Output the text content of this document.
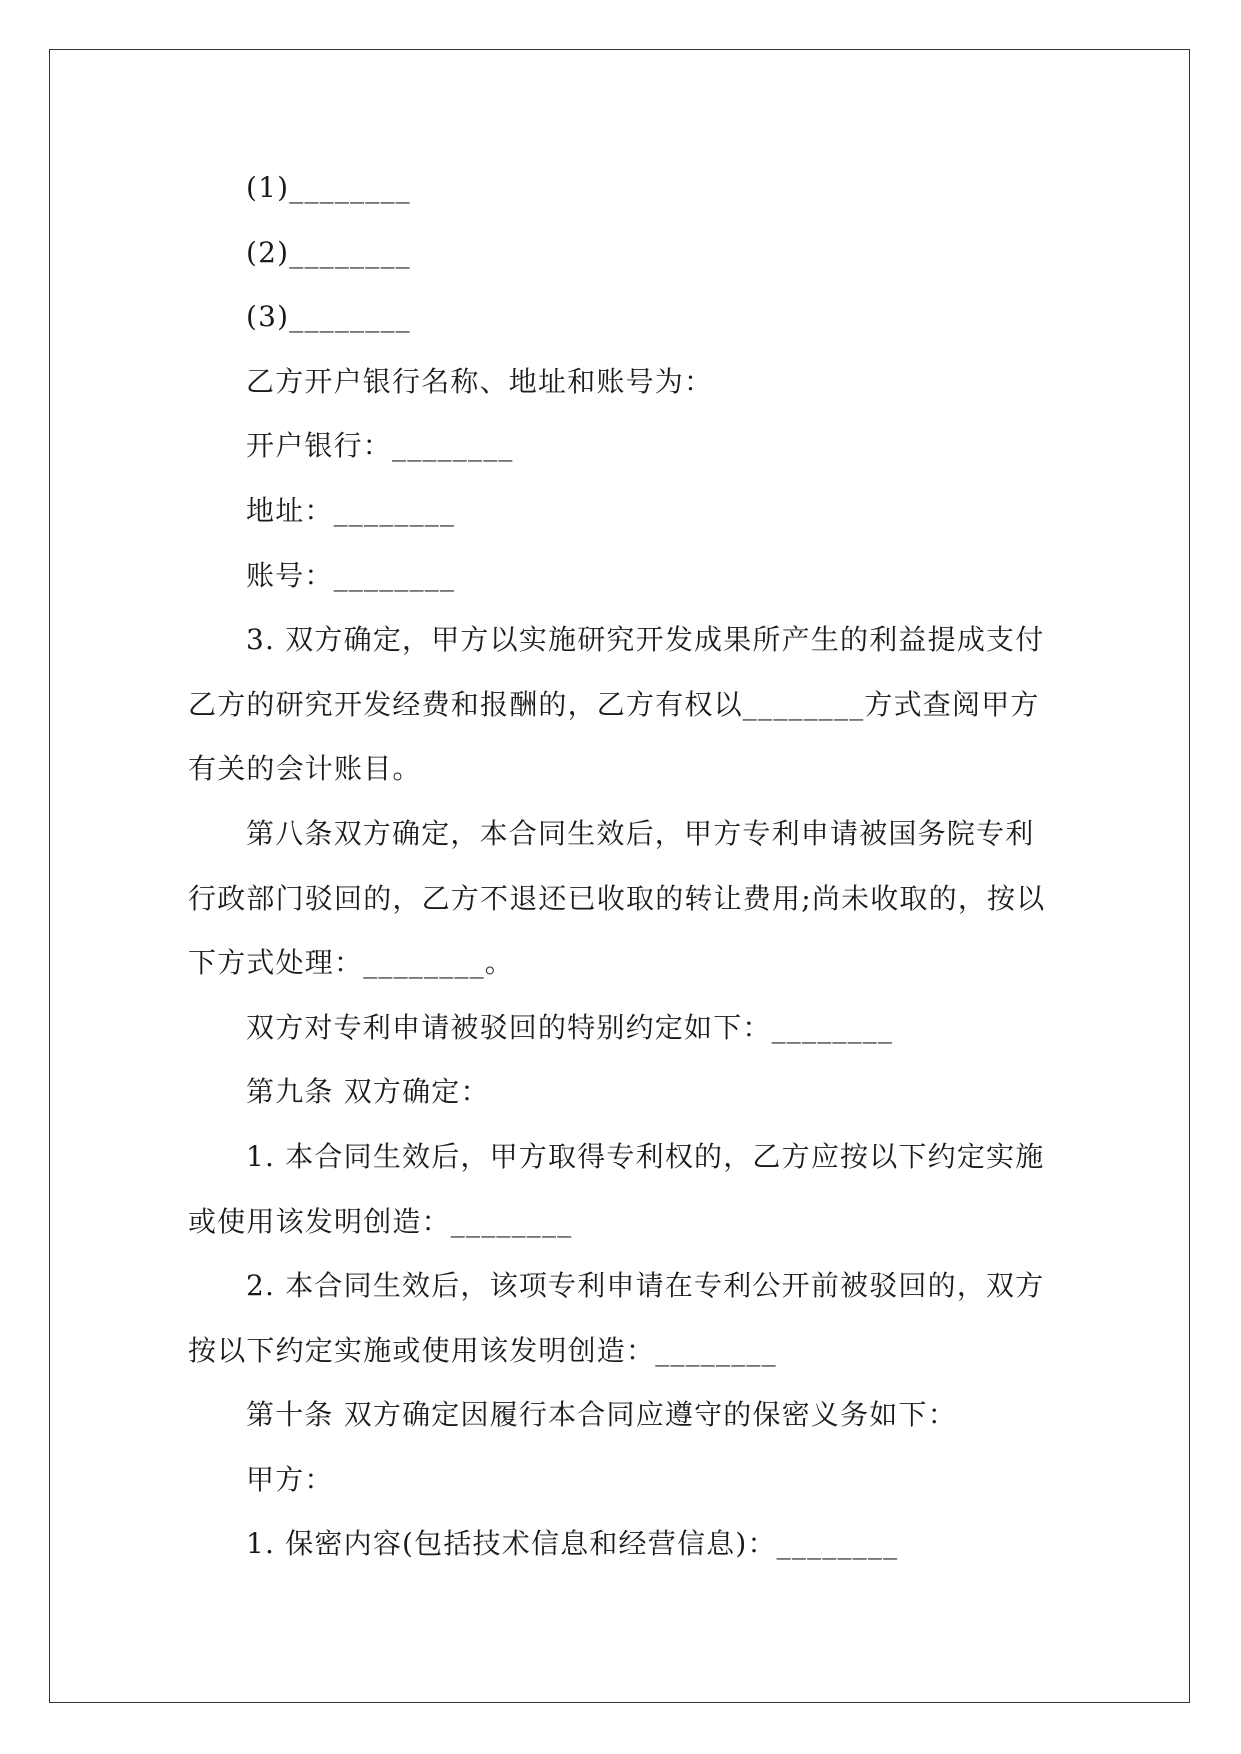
(1)________

(2)________

(3)________

乙方开户银行名称、地址和账号为：

开户银行：________

地址：________

账号：________

3. 双方确定，甲方以实施研究开发成果所产生的利益提成支付乙方的研究开发经费和报酬的，乙方有权以________方式查阅甲方有关的会计账目。

第八条双方确定，本合同生效后，甲方专利申请被国务院专利行政部门驳回的，乙方不退还已收取的转让费用;尚未收取的，按以下方式处理：________。

双方对专利申请被驳回的特别约定如下：________

第九条 双方确定：

1. 本合同生效后，甲方取得专利权的，乙方应按以下约定实施或使用该发明创造：________

2. 本合同生效后，该项专利申请在专利公开前被驳回的，双方按以下约定实施或使用该发明创造：________

第十条 双方确定因履行本合同应遵守的保密义务如下：

甲方：

1. 保密内容(包括技术信息和经营信息)：________
